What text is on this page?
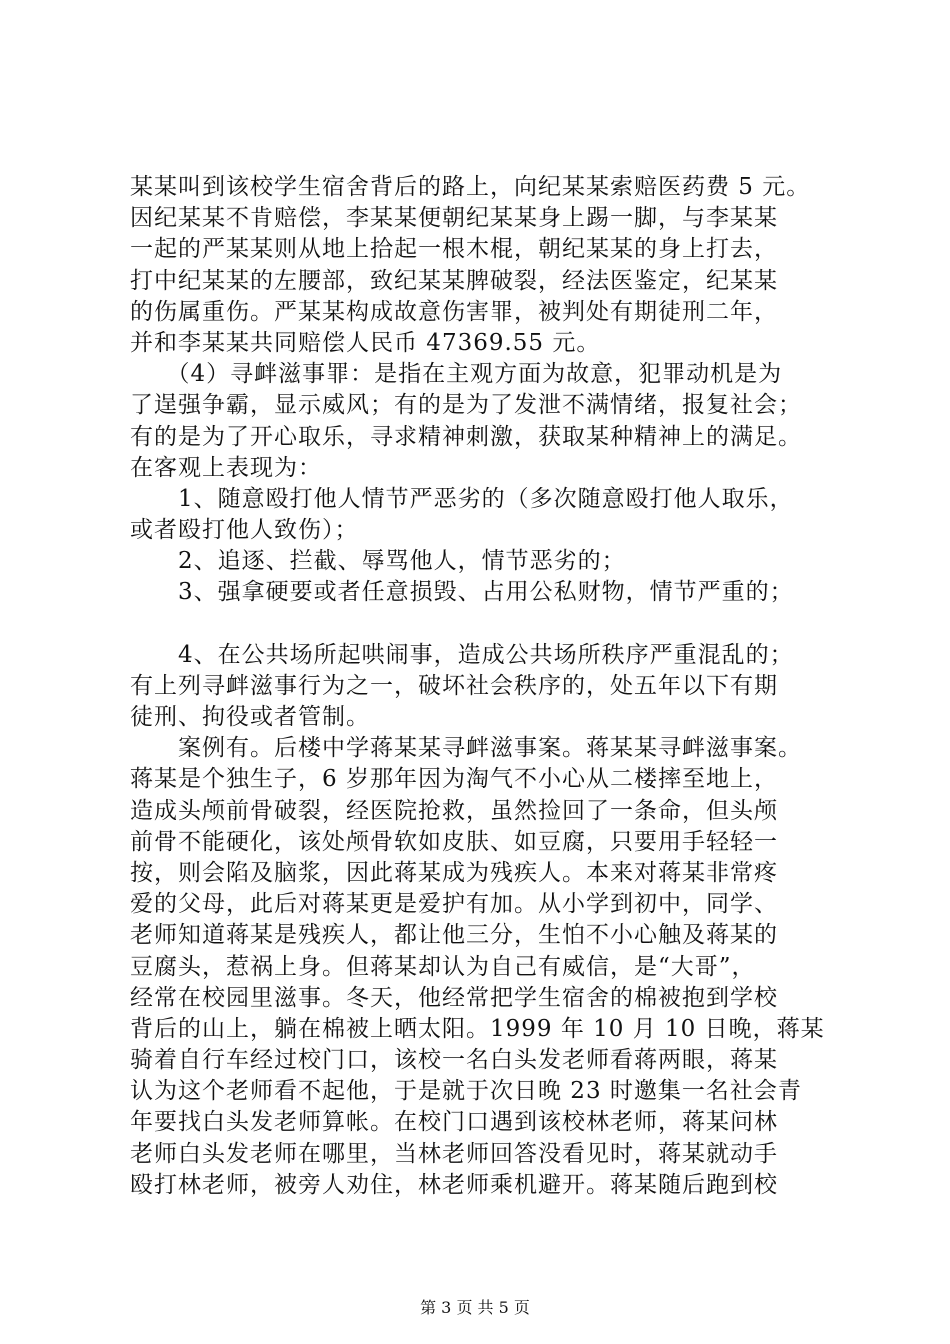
某某叫到该校学生宿舍背后的路上，向纪某某索赔医药费 5 元。
因纪某某不肯赔偿，李某某便朝纪某某身上踢一脚，与李某某
一起的严某某则从地上拾起一根木棍，朝纪某某的身上打去，
打中纪某某的左腰部，致纪某某脾破裂，经法医鉴定，纪某某
的伤属重伤。严某某构成故意伤害罪，被判处有期徒刑二年，
并和李某某共同赔偿人民币 47369.55 元。
　　（4）寻衅滋事罪：是指在主观方面为故意，犯罪动机是为
了逞强争霸，显示威风；有的是为了发泄不满情绪，报复社会；
有的是为了开心取乐，寻求精神刺激，获取某种精神上的满足。
在客观上表现为：
　　1、随意殴打他人情节严恶劣的（多次随意殴打他人取乐，
或者殴打他人致伤）；
　　2、追逐、拦截、辱骂他人，情节恶劣的；
　　3、强拿硬要或者任意损毁、占用公私财物，情节严重的；
　　4、在公共场所起哄闹事，造成公共场所秩序严重混乱的；
有上列寻衅滋事行为之一，破坏社会秩序的，处五年以下有期
徒刑、拘役或者管制。
　　案例有。后楼中学蒋某某寻衅滋事案。蒋某某寻衅滋事案。
蒋某是个独生子，6 岁那年因为淘气不小心从二楼摔至地上，
造成头颅前骨破裂，经医院抢救，虽然捡回了一条命，但头颅
前骨不能硬化，该处颅骨软如皮肤、如豆腐，只要用手轻轻一
按，则会陷及脑浆，因此蒋某成为残疾人。本来对蒋某非常疼
爱的父母，此后对蒋某更是爱护有加。从小学到初中，同学、
老师知道蒋某是残疾人，都让他三分，生怕不小心触及蒋某的
豆腐头，惹祸上身。但蒋某却认为自己有威信，是“大哥”，
经常在校园里滋事。冬天，他经常把学生宿舍的棉被抱到学校
背后的山上，躺在棉被上晒太阳。1999 年 10 月 10 日晚，蒋某
骑着自行车经过校门口，该校一名白头发老师看蒋两眼，蒋某
认为这个老师看不起他，于是就于次日晚 23 时邀集一名社会青
年要找白头发老师算帐。在校门口遇到该校林老师，蒋某问林
老师白头发老师在哪里，当林老师回答没看见时，蒋某就动手
殴打林老师，被旁人劝住，林老师乘机避开。蒋某随后跑到校
第 3 页 共 5 页
